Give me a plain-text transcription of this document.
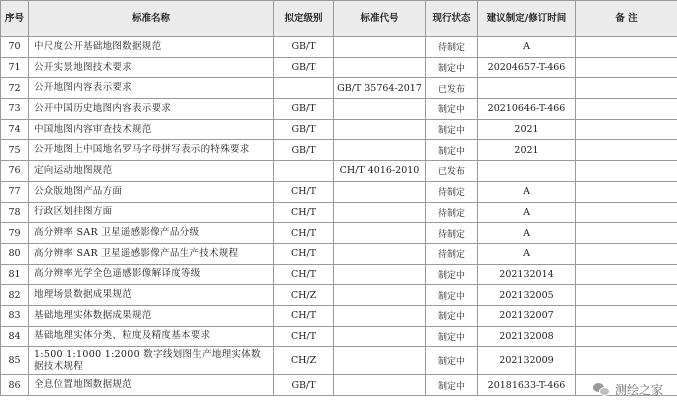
序号	标准名称	拟定级别	标准代号	现行状态	建议制定/修订时间	备 注
70	中尺度公开基础地图数据规范	GB/T		待制定	A	
71	公开实景地图技术要求	GB/T		制定中	20204657-T-466	
72	公开地图内容表示要求		GB/T 35764-2017	已发布		
73	公开中国历史地图内容表示要求	GB/T		制定中	20210646-T-466	
74	中国地图内容审查技术规范	GB/T		制定中	2021	
75	公开地图上中国地名罗马字母拼写表示的特殊要求	GB/T		制定中	2021	
76	定向运动地图规范		CH/T 4016-2010	已发布		
77	公众版地图产品方面	CH/T		待制定	A	
78	行政区划挂图方面	CH/T		待制定	A	
79	高分辨率 SAR 卫星遥感影像产品分级	CH/T		待制定	A	
80	高分辨率 SAR 卫星遥感影像产品生产技术规程	CH/T		待制定	A	
81	高分辨率光学全色遥感影像解译度等级	CH/T		制定中	202132014	
82	地理场景数据成果规范	CH/Z		制定中	202132005	
83	基础地理实体数据成果规范	CH/T		制定中	202132007	
84	基础地理实体分类、粒度及精度基本要求	CH/T		制定中	202132008	
85	1:500 1:1000 1:2000 数字线划图生产地理实体数据技术规程	CH/Z		制定中	202132009	
86	全息位置地图数据规范	GB/T		制定中	20181633-T-466		测绘之家
